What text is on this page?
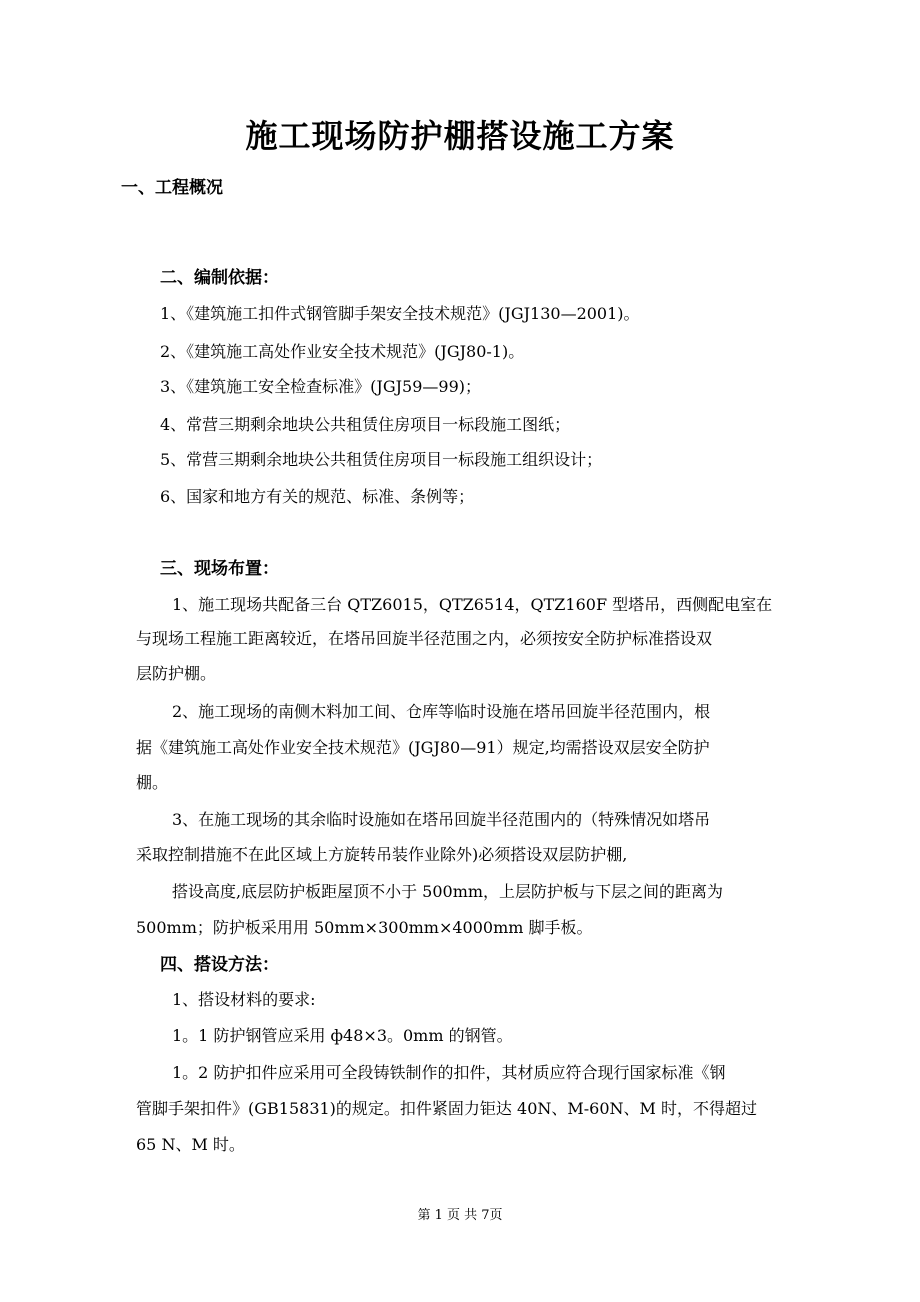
施工现场防护棚搭设施工方案
一、工程概况
二、编制依据：
1、《建筑施工扣件式钢管脚手架安全技术规范》(JGJ130—2001)。
2、《建筑施工高处作业安全技术规范》(JGJ80-1)。
3、《建筑施工安全检查标准》(JGJ59—99)；
4、常营三期剩余地块公共租赁住房项目一标段施工图纸；
5、常营三期剩余地块公共租赁住房项目一标段施工组织设计；
6、国家和地方有关的规范、标准、条例等；
三、现场布置：
1、施工现场共配备三台 QTZ6015，QTZ6514，QTZ160F 型塔吊，西侧配电室在
与现场工程施工距离较近，在塔吊回旋半径范围之内，必须按安全防护标准搭设双
层防护棚。
2、施工现场的南侧木料加工间、仓库等临时设施在塔吊回旋半径范围内，根
据《建筑施工高处作业安全技术规范》(JGJ80—91）规定,均需搭设双层安全防护
棚。
3、在施工现场的其余临时设施如在塔吊回旋半径范围内的（特殊情况如塔吊
采取控制措施不在此区域上方旋转吊装作业除外)必须搭设双层防护棚,
搭设高度,底层防护板距屋顶不小于 500mm，上层防护板与下层之间的距离为
500mm；防护板采用用 50mm×300mm×4000mm 脚手板。
四、搭设方法：
1、搭设材料的要求:
1。1 防护钢管应采用 ф48×3。0mm 的钢管。
1。2 防护扣件应采用可全段铸铁制作的扣件，其材质应符合现行国家标准《钢
管脚手架扣件》(GB15831)的规定。扣件紧固力钜达 40N、M-60N、M 时，不得超过
65 N、M 时。
第 1 页 共 7页
